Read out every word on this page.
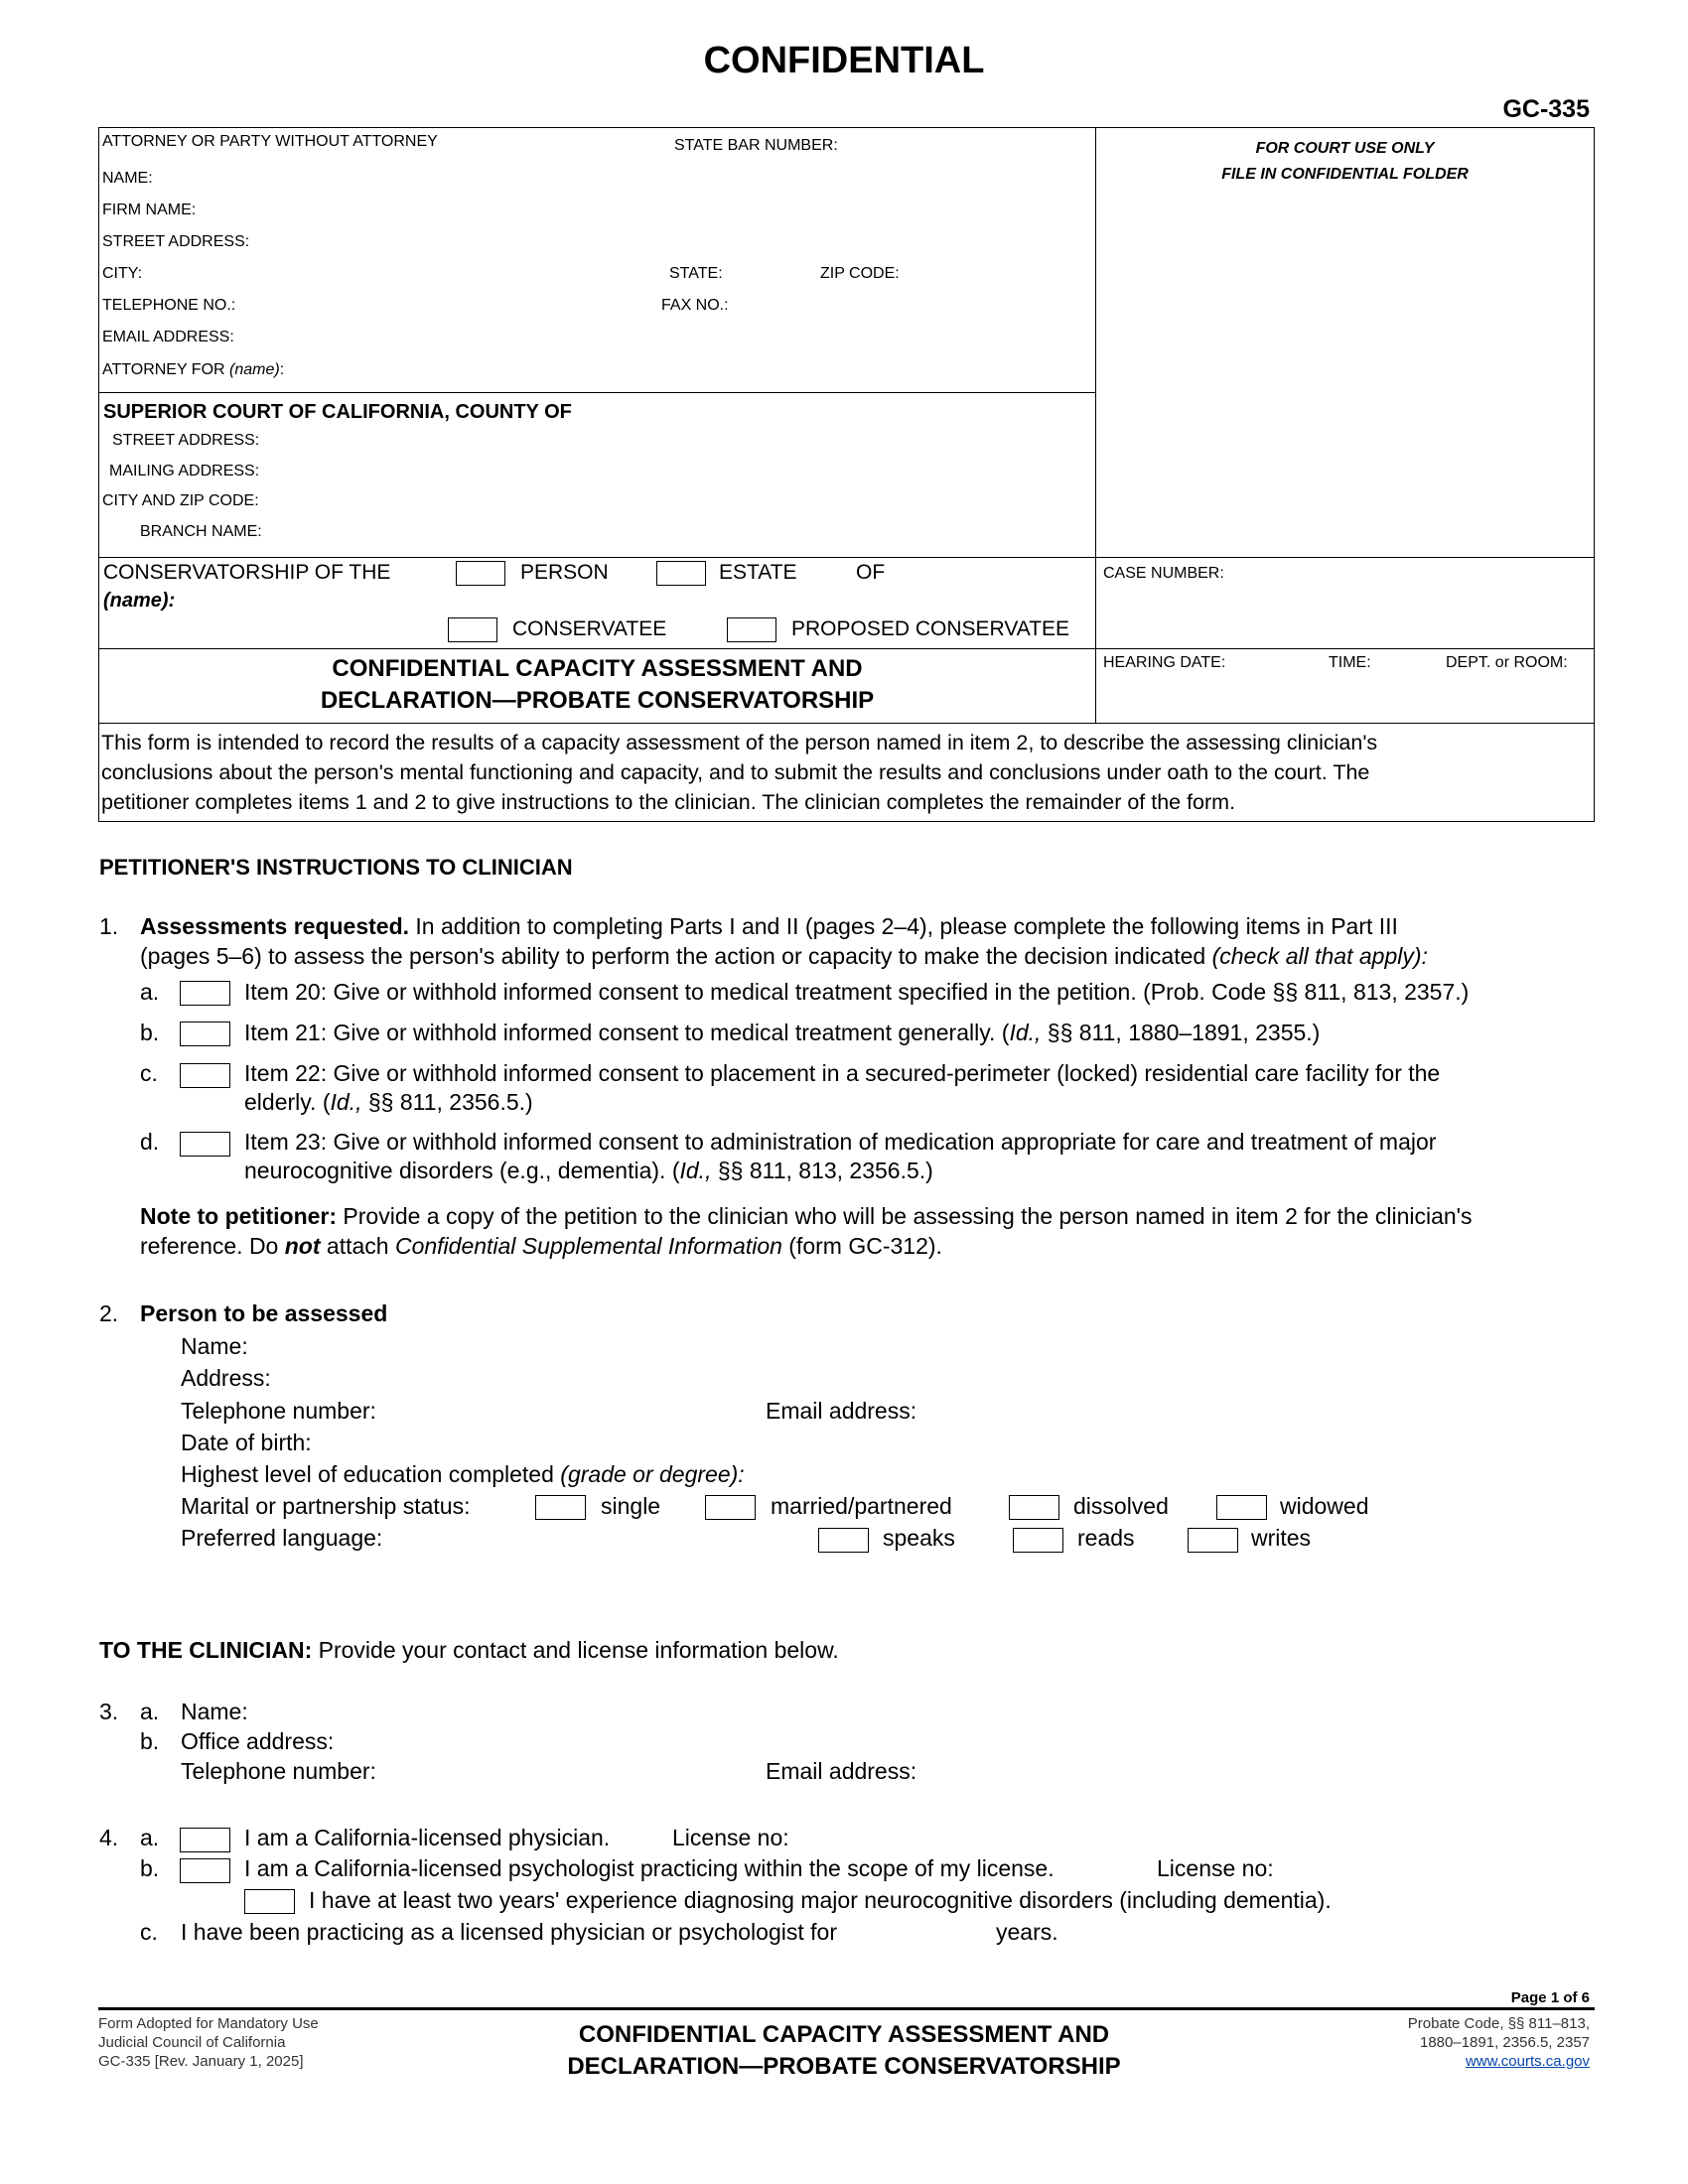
CONFIDENTIAL
GC-335
ATTORNEY OR PARTY WITHOUT ATTORNEY	STATE BAR NUMBER:
NAME:
FIRM NAME:
STREET ADDRESS:
CITY:	STATE:	ZIP CODE:
TELEPHONE NO.:	FAX NO.:
EMAIL ADDRESS:
ATTORNEY FOR (name):
FOR COURT USE ONLY
FILE IN CONFIDENTIAL FOLDER
SUPERIOR COURT OF CALIFORNIA, COUNTY OF
STREET ADDRESS:
MAILING ADDRESS:
CITY AND ZIP CODE:
BRANCH NAME:
CONSERVATORSHIP OF THE	PERSON	ESTATE	OF
(name):
CONSERVATEE	PROPOSED CONSERVATEE
CASE NUMBER:
CONFIDENTIAL CAPACITY ASSESSMENT AND
DECLARATION—PROBATE CONSERVATORSHIP
HEARING DATE:	TIME:	DEPT. or ROOM:
This form is intended to record the results of a capacity assessment of the person named in item 2, to describe the assessing clinician's
conclusions about the person's mental functioning and capacity, and to submit the results and conclusions under oath to the court. The
petitioner completes items 1 and 2 to give instructions to the clinician. The clinician completes the remainder of the form.
PETITIONER'S INSTRUCTIONS TO CLINICIAN
1. Assessments requested. In addition to completing Parts I and II (pages 2–4), please complete the following items in Part III
(pages 5–6) to assess the person's ability to perform the action or capacity to make the decision indicated (check all that apply):
a.	Item 20: Give or withhold informed consent to medical treatment specified in the petition. (Prob. Code §§ 811, 813, 2357.)
b.	Item 21: Give or withhold informed consent to medical treatment generally. (Id., §§ 811, 1880–1891, 2355.)
c.	Item 22: Give or withhold informed consent to placement in a secured-perimeter (locked) residential care facility for the
elderly. (Id., §§ 811, 2356.5.)
d.	Item 23: Give or withhold informed consent to administration of medication appropriate for care and treatment of major
neurocognitive disorders (e.g., dementia). (Id., §§ 811, 813, 2356.5.)
Note to petitioner: Provide a copy of the petition to the clinician who will be assessing the person named in item 2 for the clinician's
reference. Do not attach Confidential Supplemental Information (form GC-312).
2. Person to be assessed
Name:
Address:
Telephone number:	Email address:
Date of birth:
Highest level of education completed (grade or degree):
Marital or partnership status:	single	married/partnered	dissolved	widowed
Preferred language:	speaks	reads	writes
TO THE CLINICIAN: Provide your contact and license information below.
3. a. Name:
b. Office address:
Telephone number:	Email address:
4. a.	I am a California-licensed physician.	License no:
b.	I am a California-licensed psychologist practicing within the scope of my license.	License no:
I have at least two years' experience diagnosing major neurocognitive disorders (including dementia).
c. I have been practicing as a licensed physician or psychologist for	years.
Page 1 of 6
Form Adopted for Mandatory Use
Judicial Council of California
GC-335 [Rev. January 1, 2025]
CONFIDENTIAL CAPACITY ASSESSMENT AND
DECLARATION—PROBATE CONSERVATORSHIP
Probate Code, §§ 811–813,
1880–1891, 2356.5, 2357
www.courts.ca.gov
